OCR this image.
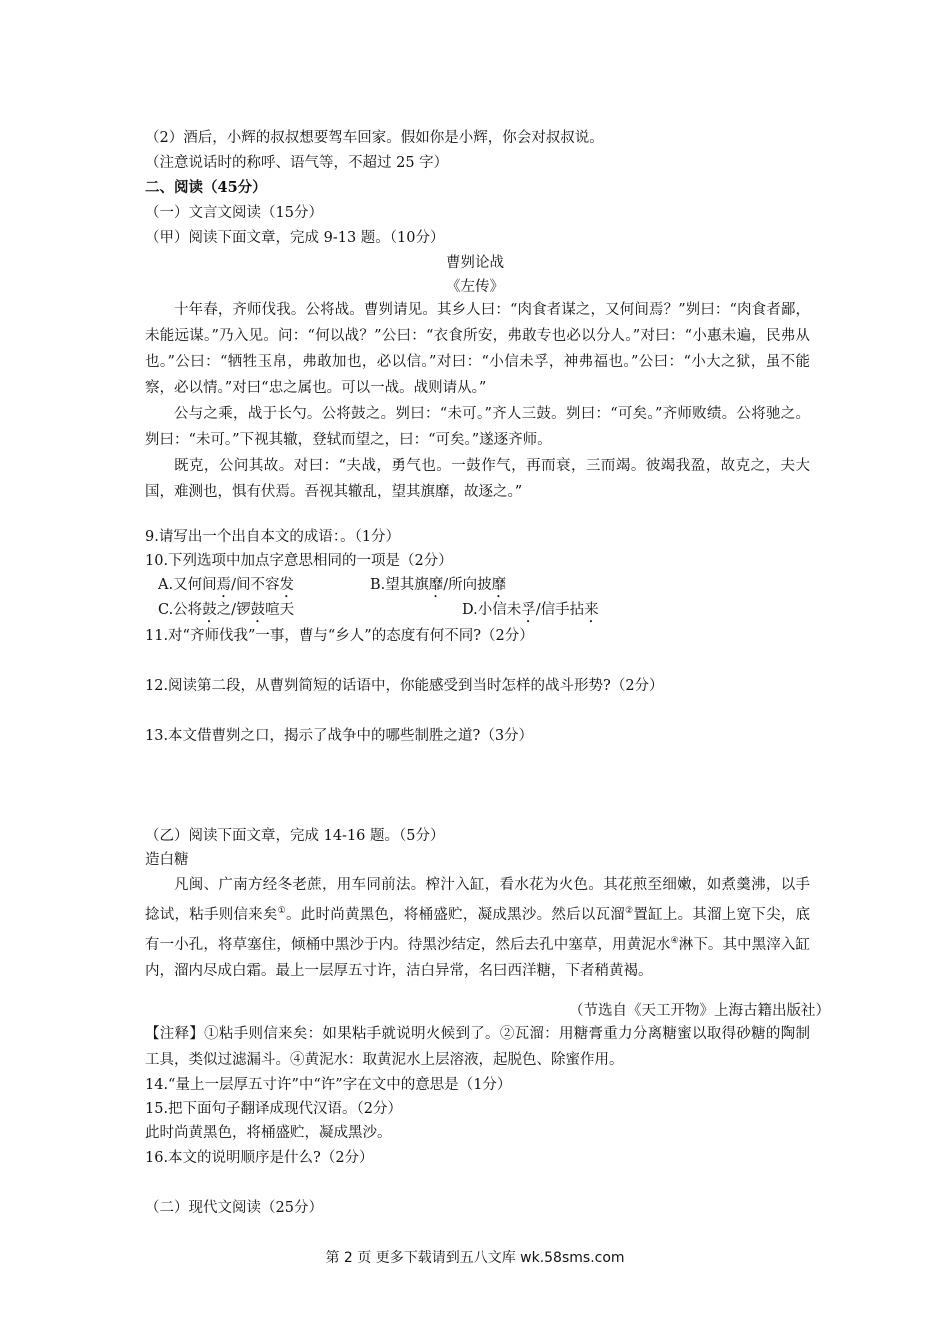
（2）酒后，小辉的叔叔想要驾车回家。假如你是小辉，你会对叔叔说。
（注意说话时的称呼、语气等，不超过 25 字）
二、阅读（45分）
（一）文言文阅读（15分）
（甲）阅读下面文章，完成 9-13 题。（10分）
曹刿论战
《左传》
十年春，齐师伐我。公将战。曹刿请见。其乡人曰：“肉食者谋之，又何间焉？”刿曰：“肉食者鄙，未能远谋。”乃入见。问：“何以战？”公曰：“衣食所安，弗敢专也必以分人。”对曰：“小惠未遍，民弗从也。”公曰：“牺牲玉帛，弗敢加也，必以信。”对曰：“小信未孚，神弗福也。”公曰：“小大之狱，虽不能察，必以情。”对曰“忠之属也。可以一战。战则请从。”
公与之乘，战于长勺。公将鼓之。刿曰：“未可。”齐人三鼓。刿曰：“可矣。”齐师败绩。公将驰之。刿曰：“未可。”下视其辙，登轼而望之，曰：“可矣。”遂逐齐师。
既克，公问其故。对曰：“夫战，勇气也。一鼓作气，再而衰，三而竭。彼竭我盈，故克之，夫大国，难测也，惧有伏焉。吾视其辙乱，望其旗靡，故逐之。”
9.请写出一个出自本文的成语：。（1分）
10.下列选项中加点字意思相同的一项是（2分）
A.又何间焉/间不容发	B.望其旗靡/所向披靡
C.公将鼓之/锣鼓喧天	D.小信未孚/信手拈来
11.对“齐师伐我”一事，曹与“乡人”的态度有何不同?（2分）
12.阅读第二段，从曹刿简短的话语中，你能感受到当时怎样的战斗形势?（2分）
13.本文借曹刿之口，揭示了战争中的哪些制胜之道?（3分）
（乙）阅读下面文章，完成 14-16 题。（5分）
造白糖
凡闽、广南方经冬老蔗，用车同前法。榨汁入缸，看水花为火色。其花煎至细嫩，如煮羹沸，以手捻试，粘手则信来矣①。此时尚黄黑色，将桶盛贮，凝成黑沙。然后以瓦溜②置缸上。其溜上宽下尖，底有一小孔，将草塞住，倾桶中黑沙于内。待黑沙结定，然后去孔中塞草，用黄泥水④淋下。其中黑滓入缸内，溜内尽成白霜。最上一层厚五寸许，洁白异常，名曰西洋糖，下者稍黄褐。
（节选自《天工开物》上海古籍出版社）
【注释】①粘手则信来矣：如果粘手就说明火候到了。②瓦溜：用糖膏重力分离糖蜜以取得砂糖的陶制工具，类似过滤漏斗。④黄泥水：取黄泥水上层溶液，起脱色、除蜜作用。
14.“量上一层厚五寸许”中“许”字在文中的意思是（1分）
15.把下面句子翻译成现代汉语。（2分）
此时尚黄黑色，将桶盛贮，凝成黑沙。
16.本文的说明顺序是什么?（2分）
（二）现代文阅读（25分）
第 2 页 更多下载请到五八文库 wk.58sms.com
